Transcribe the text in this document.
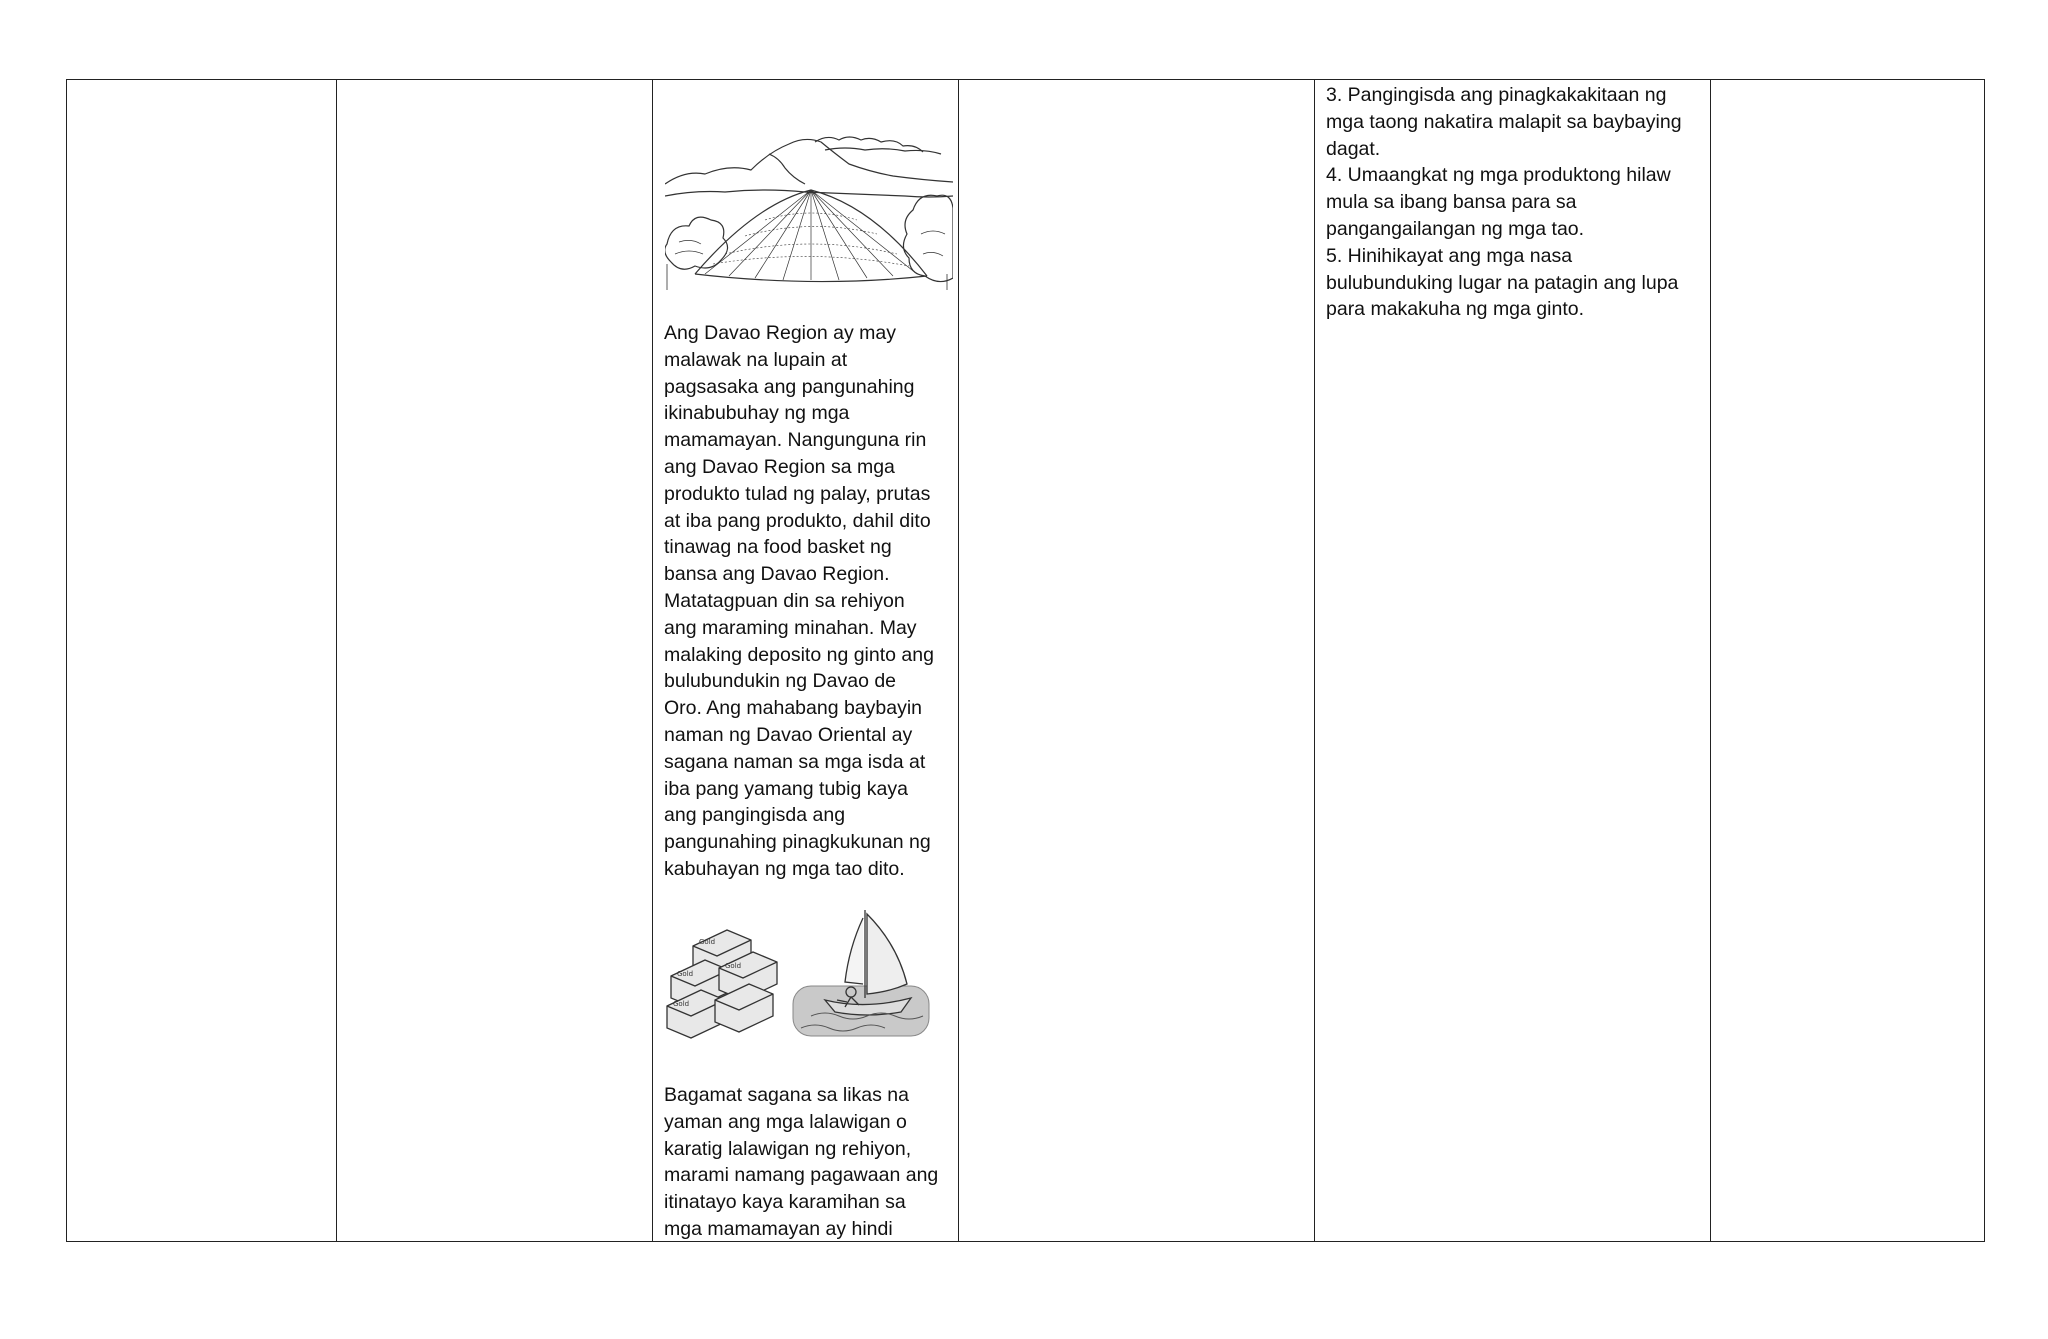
Ang Davao Region ay may
malawak na lupain at
pagsasaka ang pangunahing
ikinabubuhay ng mga
mamamayan. Nangunguna rin
ang Davao Region sa mga
produkto tulad ng palay, prutas
at iba pang produkto, dahil dito
tinawag na food basket ng
bansa ang Davao Region.
Matatagpuan din sa rehiyon
ang maraming minahan. May
malaking deposito ng ginto ang
bulubundukin ng Davao de
Oro. Ang mahabang baybayin
naman ng Davao Oriental ay
sagana naman sa mga isda at
iba pang yamang tubig kaya
ang pangingisda ang
pangunahing pinagkukunan ng
kabuhayan ng mga tao dito.
Gold
Gold
Gold
Gold
Bagamat sagana sa likas na
yaman ang mga lalawigan o
karatig lalawigan ng rehiyon,
marami namang pagawaan ang
itinatayo kaya karamihan sa
mga mamamayan ay hindi
3. Pangingisda ang pinagkakakitaan ng
mga taong nakatira malapit sa baybaying
dagat.
4. Umaangkat ng mga produktong hilaw
mula sa ibang bansa para sa
pangangailangan ng mga tao.
5. Hinihikayat ang mga nasa
bulubunduking lugar na patagin ang lupa
para makakuha ng mga ginto.
